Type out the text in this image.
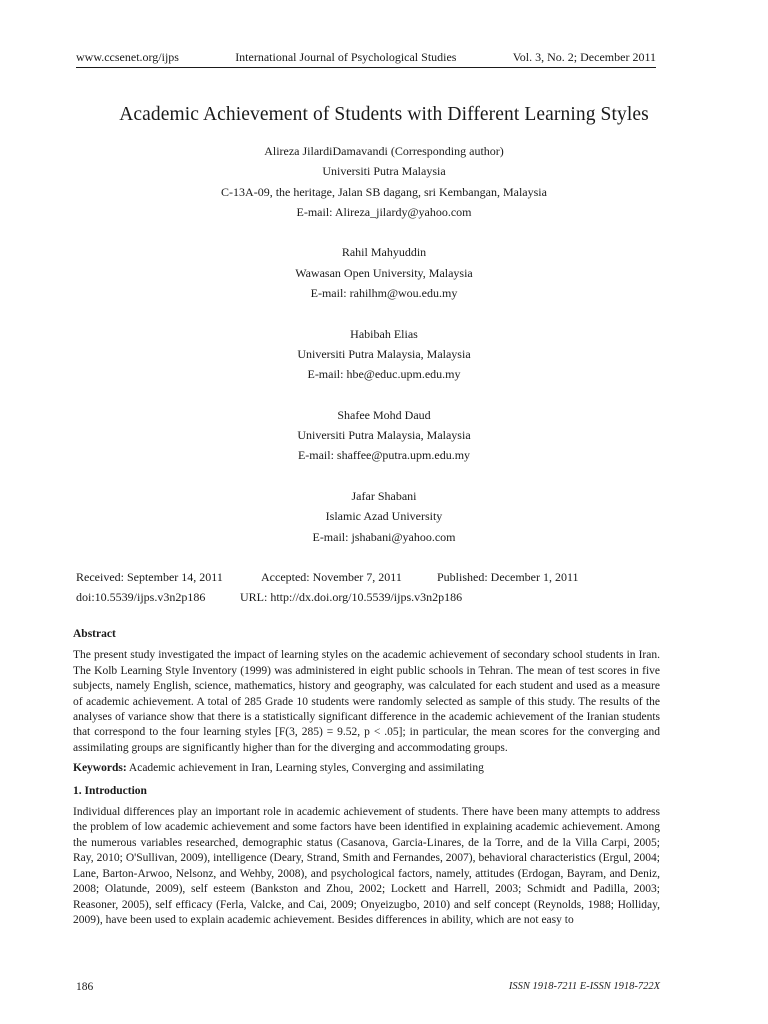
www.ccsenet.org/ijps	International Journal of Psychological Studies	Vol. 3, No. 2; December 2011
Academic Achievement of Students with Different Learning Styles

Alireza JilardiDamavandi (Corresponding author)

Universiti Putra Malaysia

C-13A-09, the heritage, Jalan SB dagang, sri Kembangan, Malaysia

E-mail: Alireza_jilardy@yahoo.com

Rahil Mahyuddin

Wawasan Open University, Malaysia

E-mail: rahilhm@wou.edu.my

Habibah Elias

Universiti Putra Malaysia, Malaysia

E-mail: hbe@educ.upm.edu.my

Shafee Mohd Daud

Universiti Putra Malaysia, Malaysia

E-mail: shaffee@putra.upm.edu.my

Jafar Shabani

Islamic Azad University

E-mail: jshabani@yahoo.com

Received: September 14, 2011	Accepted: November 7, 2011	Published: December 1, 2011
doi:10.5539/ijps.v3n2p186	URL: http://dx.doi.org/10.5539/ijps.v3n2p186
Abstract

The present study investigated the impact of learning styles on the academic achievement of secondary school students in Iran. The Kolb Learning Style Inventory (1999) was administered in eight public schools in Tehran. The mean of test scores in five subjects, namely English, science, mathematics, history and geography, was calculated for each student and used as a measure of academic achievement. A total of 285 Grade 10 students were randomly selected as sample of this study. The results of the analyses of variance show that there is a statistically significant difference in the academic achievement of the Iranian students that correspond to the four learning styles [F(3, 285) = 9.52, p < .05]; in particular, the mean scores for the converging and assimilating groups are significantly higher than for the diverging and accommodating groups.

Keywords: Academic achievement in Iran, Learning styles, Converging and assimilating

1. Introduction

Individual differences play an important role in academic achievement of students. There have been many attempts to address the problem of low academic achievement and some factors have been identified in explaining academic achievement. Among the numerous variables researched, demographic status (Casanova, Garcia-Linares, de la Torre, and de la Villa Carpi, 2005; Ray, 2010; O'Sullivan, 2009), intelligence (Deary, Strand, Smith and Fernandes, 2007), behavioral characteristics (Ergul, 2004; Lane, Barton-Arwoo, Nelsonz, and Wehby, 2008), and psychological factors, namely, attitudes (Erdogan, Bayram, and Deniz, 2008; Olatunde, 2009), self esteem (Bankston and Zhou, 2002; Lockett and Harrell, 2003; Schmidt and Padilla, 2003; Reasoner, 2005), self efficacy (Ferla, Valcke, and Cai, 2009; Onyeizugbo, 2010) and self concept (Reynolds, 1988; Holliday, 2009), have been used to explain academic achievement. Besides differences in ability, which are not easy to

186	ISSN 1918-7211 E-ISSN 1918-722X
